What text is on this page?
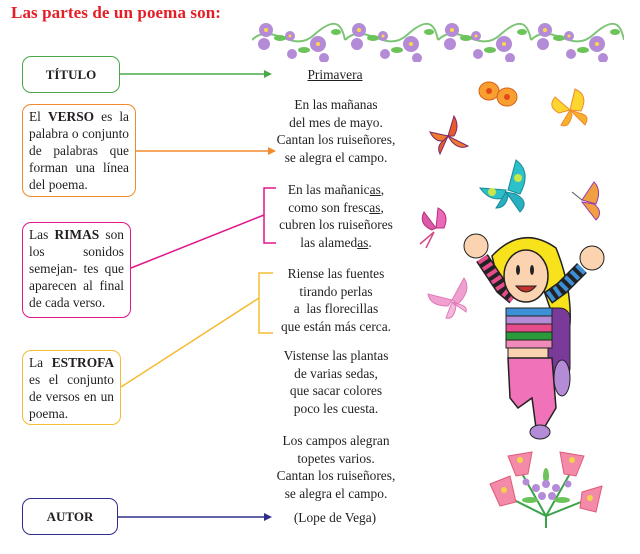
Las partes de un poema son:
TÍTULO
El VERSO es la palabra o conjunto de palabras que forman una línea del poema.
Las RIMAS son los sonidos semejan- tes que aparecen al final de cada verso.
La ESTROFA es el conjunto de versos en un poema.
AUTOR
Primavera
En las mañanas
del mes de mayo.
Cantan los ruiseñores,
se alegra el campo.
En las mañanicas,
como son frescas,
cubren los ruiseñores
las alamedas.
Riense las fuentes
tirando perlas
a  las florecillas
que están más cerca.
Vistense las plantas
de varias sedas,
que sacar colores
poco les cuesta.
Los campos alegran
topetes varios.
Cantan los ruiseñores,
se alegra el campo.
(Lope de Vega)
